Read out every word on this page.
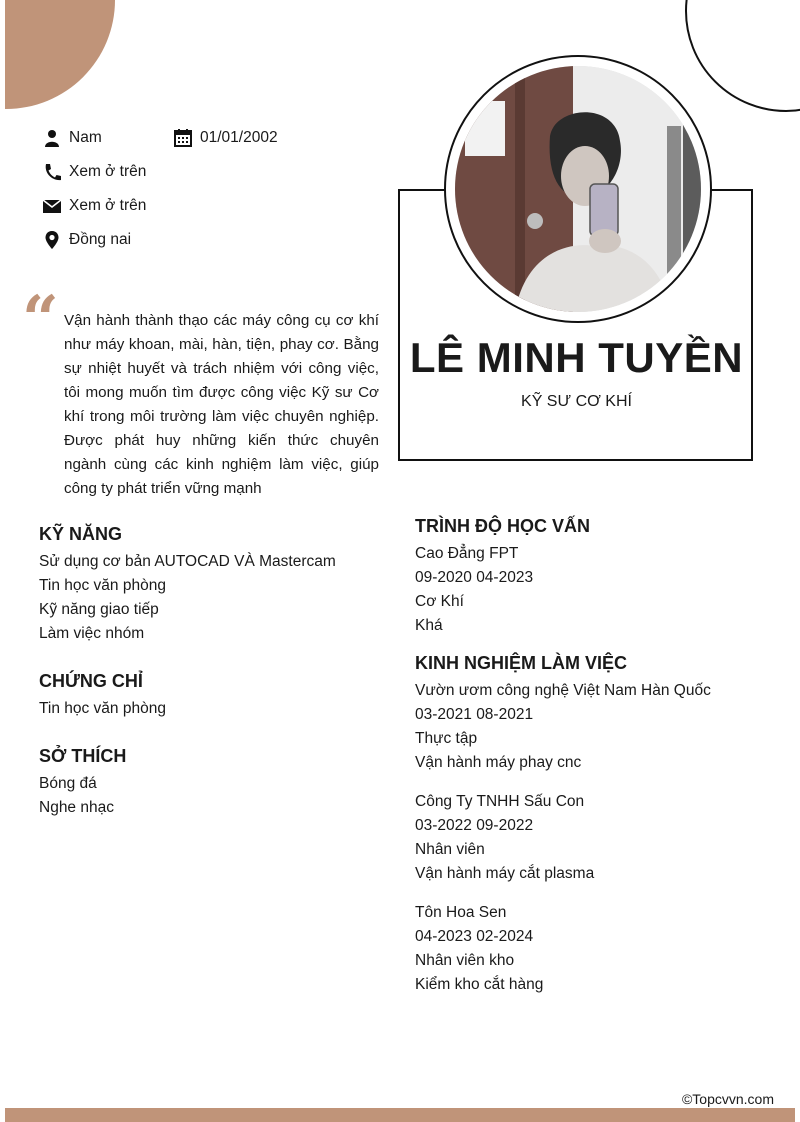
Nam	01/01/2002
Xem ở trên
Xem ở trên
Đồng nai
“ Vận hành thành thạo các máy công cụ cơ khí như máy khoan, mài, hàn, tiện, phay cơ. Bằng sự nhiệt huyết và trách nhiệm với công việc, tôi mong muốn tìm được công việc Kỹ sư Cơ khí trong môi trường làm việc chuyên nghiệp. Được phát huy những kiến thức chuyên ngành cùng các kinh nghiệm làm việc, giúp công ty phát triển vững mạnh
LÊ MINH TUYỀN
KỸ SƯ CƠ KHÍ
KỸ NĂNG

Sử dụng cơ bản AUTOCAD VÀ Mastercam

Tin học văn phòng

Kỹ năng giao tiếp

Làm việc nhóm

CHỨNG CHỈ

Tin học văn phòng

SỞ THÍCH

Bóng đá

Nghe nhạc

TRÌNH ĐỘ HỌC VẤN

Cao Đẳng FPT

09-2020 04-2023

Cơ Khí

Khá

KINH NGHIỆM LÀM VIỆC

Vườn ươm công nghệ Việt Nam Hàn Quốc

03-2021 08-2021

Thực tập

Vận hành máy phay cnc

Công Ty TNHH Sấu Con

03-2022 09-2022

Nhân viên

Vận hành máy cắt plasma

Tôn Hoa Sen

04-2023 02-2024

Nhân viên kho

Kiểm kho cắt hàng

©Topcvvn.com
